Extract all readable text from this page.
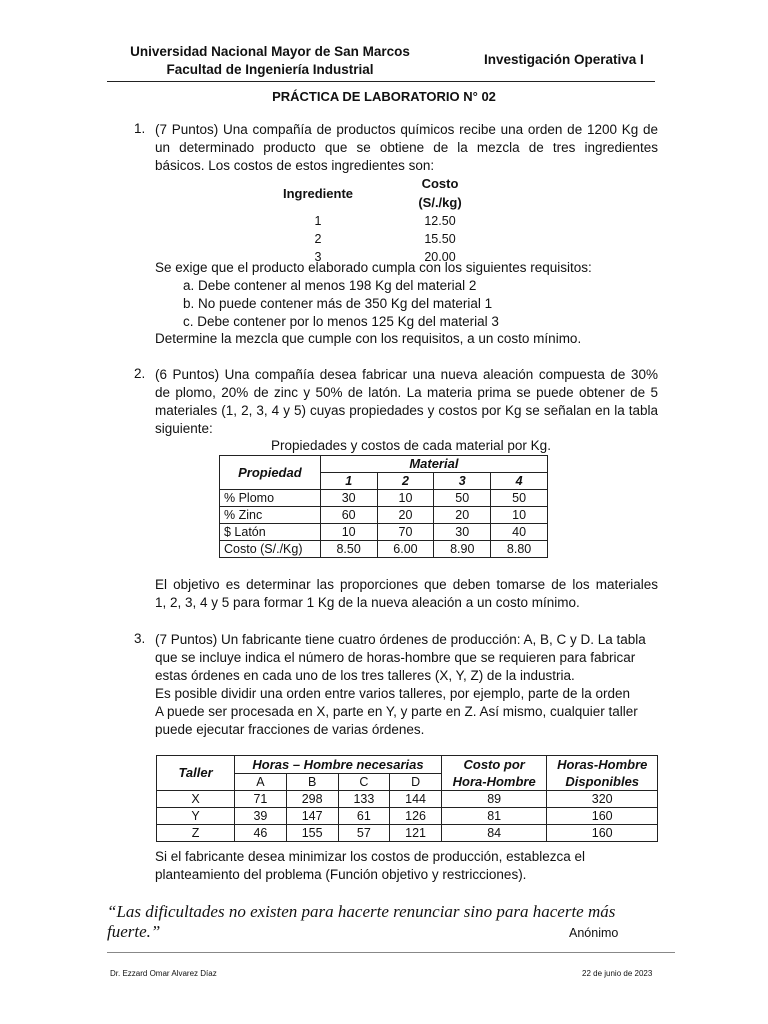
Universidad Nacional Mayor de San Marcos
Facultad de Ingeniería Industrial
Investigación Operativa I
PRÁCTICA DE LABORATORIO N° 02
1. (7 Puntos) Una compañía de productos químicos recibe una orden de 1200 Kg de
un determinado producto que se obtiene de la mezcla de tres ingredientes
básicos. Los costos de estos ingredientes son:
Ingrediente	Costo
	(S/./kg)
1	12.50
2	15.50
3	20.00
Se exige que el producto elaborado cumpla con los siguientes requisitos:
a. Debe contener al menos 198 Kg del material 2
b. No puede contener más de 350 Kg del material 1
c. Debe contener por lo menos 125 Kg del material 3
Determine la mezcla que cumple con los requisitos, a un costo mínimo.
2. (6 Puntos) Una compañía desea fabricar una nueva aleación compuesta de 30%
de plomo, 20% de zinc y 50% de latón. La materia prima se puede obtener de 5
materiales (1, 2, 3, 4 y 5) cuyas propiedades y costos por Kg se señalan en la tabla
siguiente:
Propiedades y costos de cada material por Kg.
Propiedad	Material			
	1	2	3	4
% Plomo	30	10	50	50
% Zinc	60	20	20	10
$ Latón	10	70	30	40
Costo (S/./Kg)	8.50	6.00	8.90	8.80
El objetivo es determinar las proporciones que deben tomarse de los materiales
1, 2, 3, 4 y 5 para formar 1 Kg de la nueva aleación a un costo mínimo.
3. (7 Puntos) Un fabricante tiene cuatro órdenes de producción: A, B, C y D. La tabla
que se incluye indica el número de horas-hombre que se requieren para fabricar
estas órdenes en cada uno de los tres talleres (X, Y, Z) de la industria.
Es posible dividir una orden entre varios talleres, por ejemplo, parte de la orden
A puede ser procesada en X, parte en Y, y parte en Z. Así mismo, cualquier taller
puede ejecutar fracciones de varias órdenes.
Taller	Horas – Hombre necesarias				Costo por	Horas-Hombre
	A	B	C	D	Hora-Hombre	Disponibles
X	71	298	133	144	89	320
Y	39	147	61	126	81	160
Z	46	155	57	121	84	160
Si el fabricante desea minimizar los costos de producción, establezca el
planteamiento del problema (Función objetivo y restricciones).
“Las dificultades no existen para hacerte renunciar sino para hacerte más
fuerte.”	Anónimo
Dr. Ezzard Omar Alvarez Díaz	22 de junio de 2023
